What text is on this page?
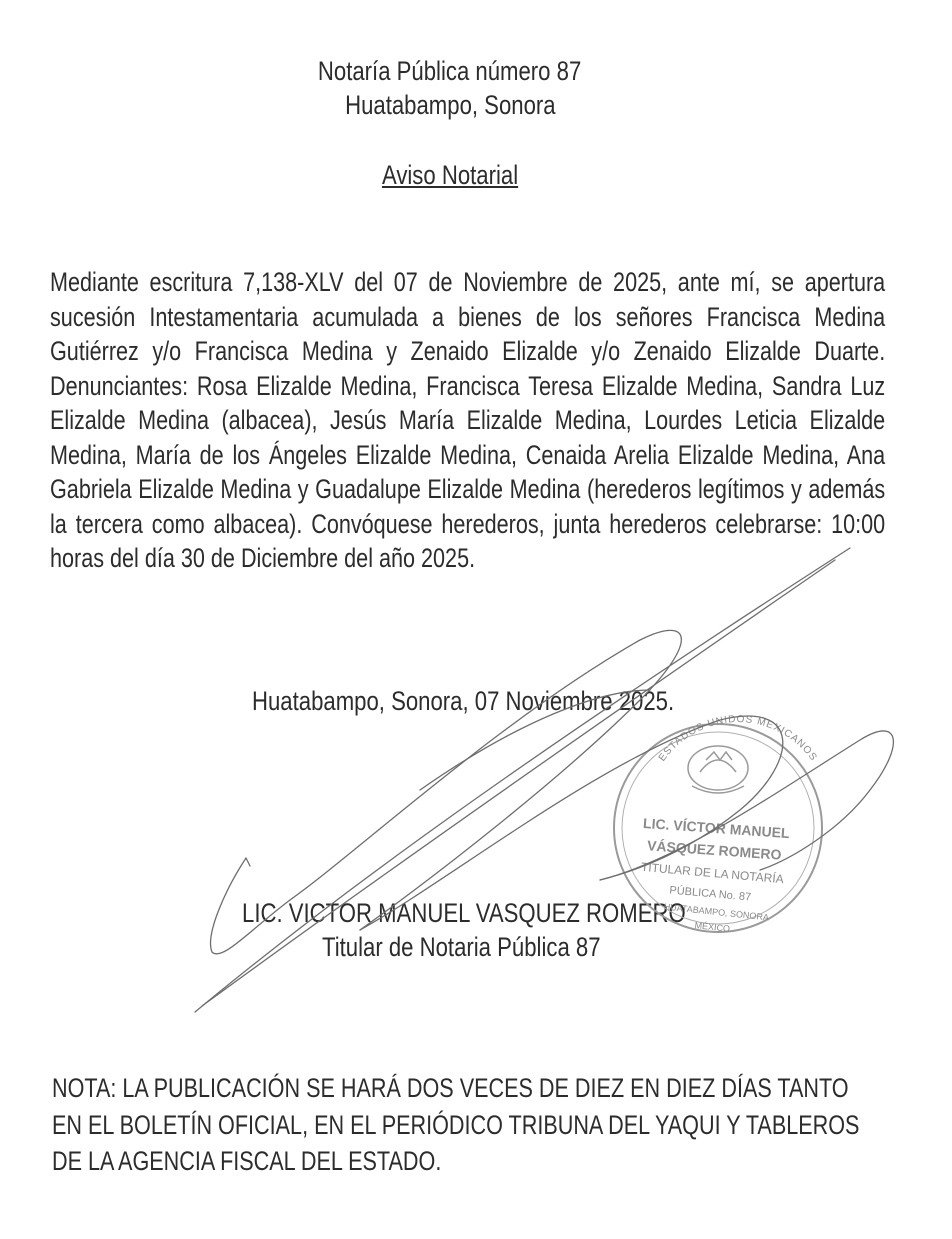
Notaría Pública número 87
Huatabampo, Sonora
Aviso Notarial
Mediante escritura 7,138-XLV del 07 de Noviembre de 2025, ante mí, se apertura
sucesión Intestamentaria acumulada a bienes de los señores Francisca Medina
Gutiérrez y/o Francisca Medina y Zenaido Elizalde y/o Zenaido Elizalde Duarte.
Denunciantes: Rosa Elizalde Medina, Francisca Teresa Elizalde Medina, Sandra Luz
Elizalde Medina (albacea), Jesús María Elizalde Medina, Lourdes Leticia Elizalde
Medina, María de los Ángeles Elizalde Medina, Cenaida Arelia Elizalde Medina, Ana
Gabriela Elizalde Medina y Guadalupe Elizalde Medina (herederos legítimos y además
la tercera como albacea). Convóquese herederos, junta herederos celebrarse: 10:00
horas del día 30 de Diciembre del año 2025.
Huatabampo, Sonora, 07 Noviembre 2025.
LIC. VICTOR MANUEL VASQUEZ ROMERO
Titular de Notaria Pública 87
ESTADOS UNIDOS MEXICANOS
LIC. VÍCTOR MANUEL
VÁSQUEZ ROMERO
TITULAR DE LA NOTARÍA
PÚBLICA No. 87
HUATABAMPO, SONORA
MÉXICO
NOTA: LA PUBLICACIÓN SE HARÁ DOS VECES DE DIEZ EN DIEZ DÍAS TANTO
EN EL BOLETÍN OFICIAL, EN EL PERIÓDICO TRIBUNA DEL YAQUI Y TABLEROS
DE LA AGENCIA FISCAL DEL ESTADO.
